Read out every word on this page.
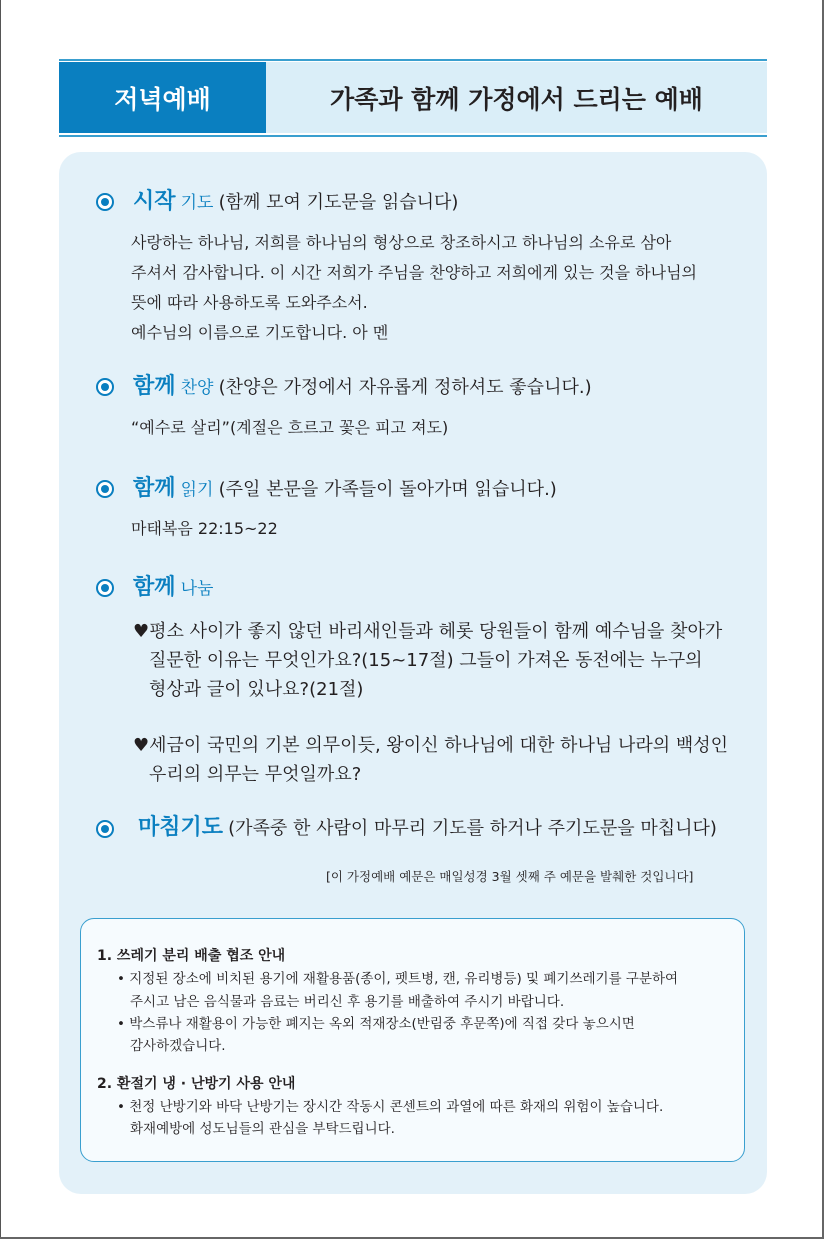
저녁예배	가족과 함께 가정에서 드리는 예배
시작 기도 (함께 모여 기도문을 읽습니다)
사랑하는 하나님, 저희를 하나님의 형상으로 창조하시고 하나님의 소유로 삼아
주셔서 감사합니다. 이 시간 저희가 주님을 찬양하고 저희에게 있는 것을 하나님의
뜻에 따라 사용하도록 도와주소서.
예수님의 이름으로 기도합니다. 아 멘
함께 찬양 (찬양은 가정에서 자유롭게 정하셔도 좋습니다.)
“예수로 살리”(계절은 흐르고 꽃은 피고 져도)
함께 읽기 (주일 본문을 가족들이 돌아가며 읽습니다.)
마태복음 22:15~22
함께 나눔
♥평소 사이가 좋지 않던 바리새인들과 헤롯 당원들이 함께 예수님을 찾아가
질문한 이유는 무엇인가요?(15~17절) 그들이 가져온 동전에는 누구의
형상과 글이 있나요?(21절)
♥세금이 국민의 기본 의무이듯, 왕이신 하나님에 대한 하나님 나라의 백성인
우리의 의무는 무엇일까요?
마침기도 (가족중 한 사람이 마무리 기도를 하거나 주기도문을 마칩니다)
[이 가정예배 예문은 매일성경 3월 셋째 주 예문을 발췌한 것입니다]
1. 쓰레기 분리 배출 협조 안내
• 지정된 장소에 비치된 용기에 재활용품(종이, 펫트병, 캔, 유리병등) 및 폐기쓰레기를 구분하여
주시고 남은 음식물과 음료는 버리신 후 용기를 배출하여 주시기 바랍니다.
• 박스류나 재활용이 가능한 폐지는 옥외 적재장소(반림중 후문쪽)에 직접 갖다 놓으시면
감사하겠습니다.
2. 환절기 냉 · 난방기 사용 안내
• 천정 난방기와 바닥 난방기는 장시간 작동시 콘센트의 과열에 따른 화재의 위험이 높습니다.
화재예방에 성도님들의 관심을 부탁드립니다.
